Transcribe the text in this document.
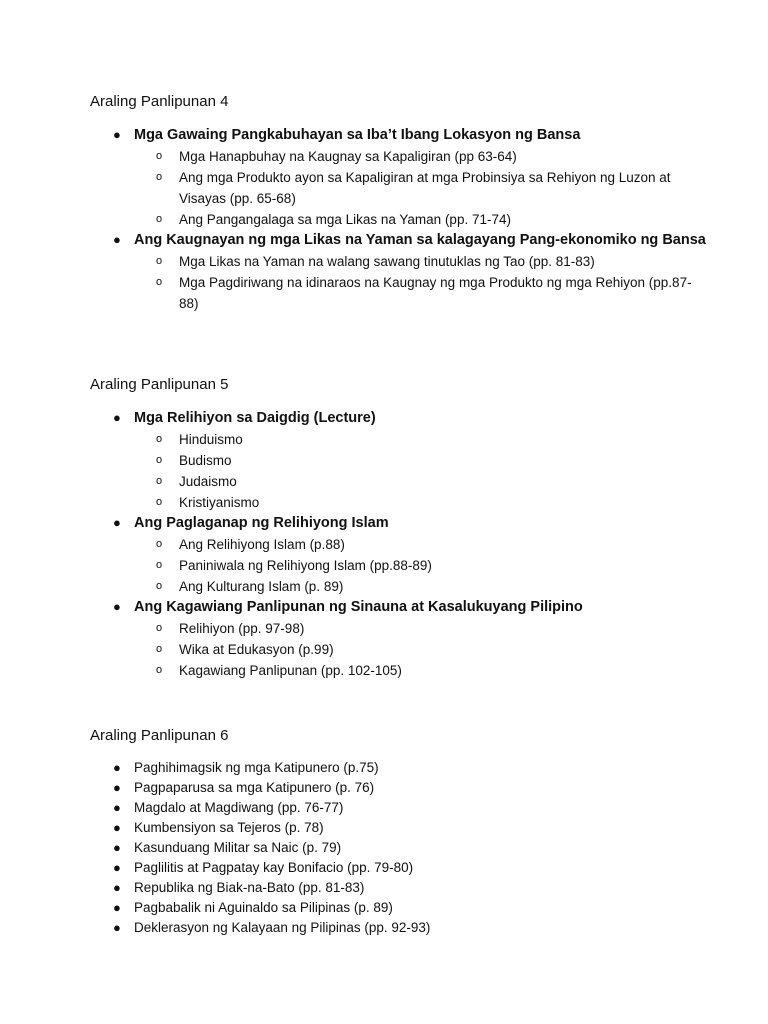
Araling Panlipunan 4

● Mga Gawaing Pangkabuhayan sa Iba’t Ibang Lokasyon ng Bansa
o Mga Hanapbuhay na Kaugnay sa Kapaligiran (pp 63-64)
o Ang mga Produkto ayon sa Kapaligiran at mga Probinsiya sa Rehiyon ng Luzon at Visayas (pp. 65-68)
o Ang Pangangalaga sa mga Likas na Yaman (pp. 71-74)
● Ang Kaugnayan ng mga Likas na Yaman sa kalagayang Pang-ekonomiko ng Bansa
o Mga Likas na Yaman na walang sawang tinutuklas ng Tao (pp. 81-83)
o Mga Pagdiriwang na idinaraos na Kaugnay ng mga Produkto ng mga Rehiyon (pp.87-88)

Araling Panlipunan 5

● Mga Relihiyon sa Daigdig (Lecture)
o Hinduismo
o Budismo
o Judaismo
o Kristiyanismo
● Ang Paglaganap ng Relihiyong Islam
o Ang Relihiyong Islam (p.88)
o Paniniwala ng Relihiyong Islam (pp.88-89)
o Ang Kulturang Islam (p. 89)
● Ang Kagawiang Panlipunan ng Sinauna at Kasalukuyang Pilipino
o Relihiyon (pp. 97-98)
o Wika at Edukasyon (p.99)
o Kagawiang Panlipunan (pp. 102-105)

Araling Panlipunan 6

● Paghihimagsik ng mga Katipunero (p.75)
● Pagpaparusa sa mga Katipunero (p. 76)
● Magdalo at Magdiwang (pp. 76-77)
● Kumbensiyon sa Tejeros (p. 78)
● Kasunduang Militar sa Naic (p. 79)
● Paglilitis at Pagpatay kay Bonifacio (pp. 79-80)
● Republika ng Biak-na-Bato (pp. 81-83)
● Pagbabalik ni Aguinaldo sa Pilipinas (p. 89)
● Deklerasyon ng Kalayaan ng Pilipinas (pp. 92-93)
